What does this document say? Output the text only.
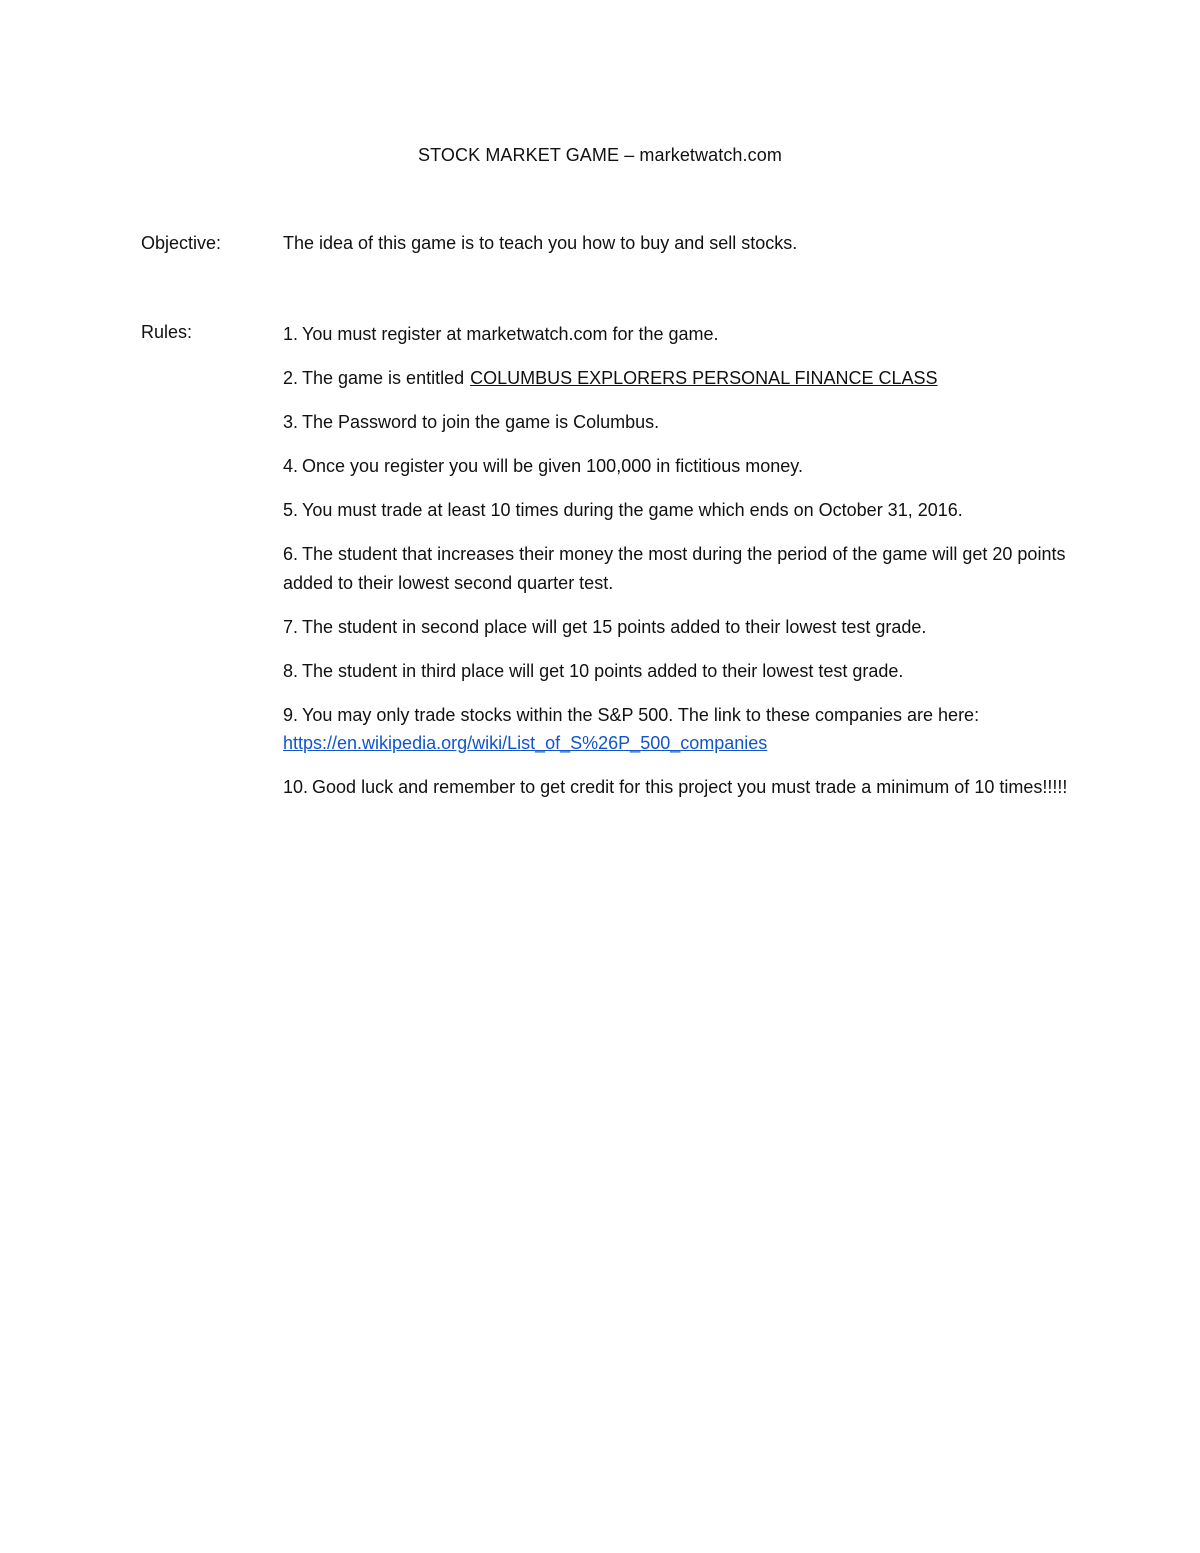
STOCK MARKET GAME – marketwatch.com
Objective:	The idea of this game is to teach you how to buy and sell stocks.
Rules:	1. You must register at marketwatch.com for the game.
2. The game is entitled COLUMBUS EXPLORERS PERSONAL FINANCE CLASS
3. The Password to join the game is Columbus.
4. Once you register you will be given 100,000 in fictitious money.
5. You must trade at least 10 times during the game which ends on October 31, 2016.
6. The student that increases their money the most during the period of the game will get 20 points added to their lowest second quarter test.
7. The student in second place will get 15 points added to their lowest test grade.
8. The student in third place will get 10 points added to their lowest test grade.
9. You may only trade stocks within the S&P 500. The link to these companies are here:
https://en.wikipedia.org/wiki/List_of_S%26P_500_companies
10. Good luck and remember to get credit for this project you must trade a minimum of 10 times!!!!!
